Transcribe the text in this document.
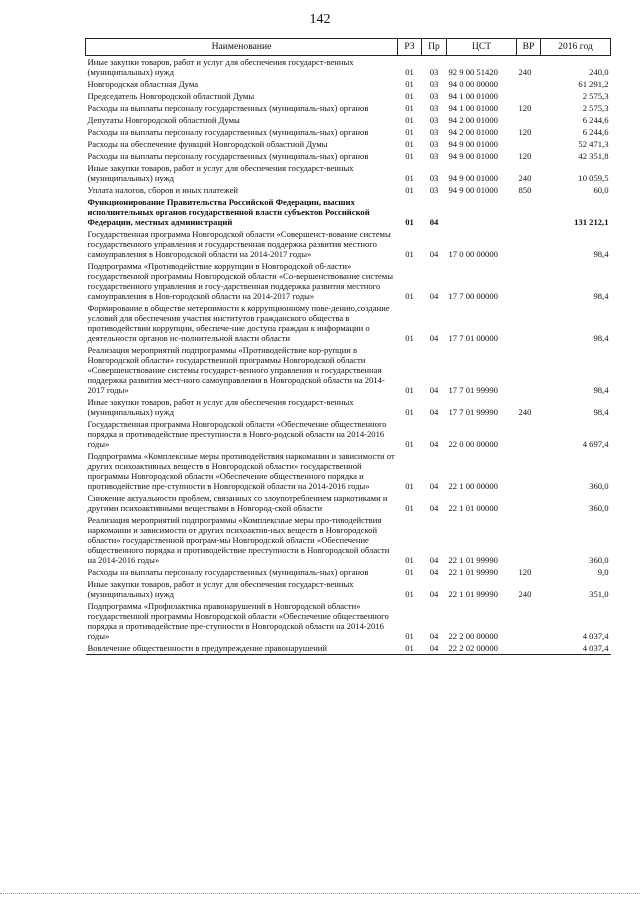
142
Наименование	РЗ	Пр	ЦСТ	ВР	2016 год
Иные закупки товаров, работ и услуг для обеспечения государст-венных (муниципальных) нужд	01	03	92 9 00 51420	240	240,0
Новгородская областная Дума	01	03	94 0 00 00000		61 291,2
Председатель Новгородской областной Думы	01	03	94 1 00 01000		2 575,3
Расходы на выплаты персоналу государственных (муниципаль-ных) органов	01	03	94 1 00 01000	120	2 575,3
Депутаты Новгородской областной Думы	01	03	94 2 00 01000		6 244,6
Расходы на выплаты персоналу государственных (муниципаль-ных) органов	01	03	94 2 00 01000	120	6 244,6
Расходы на обеспечение функций Новгородской областной Думы	01	03	94 9 00 01000		52 471,3
Расходы на выплаты персоналу государственных (муниципаль-ных) органов	01	03	94 9 00 01000	120	42 351,8
Иные закупки товаров, работ и услуг для обеспечения государст-венных (муниципальных) нужд	01	03	94 9 00 01000	240	10 059,5
Уплата налогов, сборов и иных платежей	01	03	94 9 00 01000	850	60,0
Функционирование Правительства Российской Федерации, высших исполнительных органов государственной власти субъектов Российской Федерации, местных администраций	01	04			131 212,1
Государственная программа Новгородской области «Совершенст-вование системы государственного управления и государственная поддержка развития местного самоуправления в Новгородской области на 2014-2017 годы»	01	04	17 0 00 00000		98,4
Подпрограмма «Противодействие коррупции в Новгородской об-ласти» государственной программы Новгородской области «Со-вершенствование системы государственного управления и госу-дарственная поддержка развития местного самоуправления в Нов-городской области на 2014-2017 годы»	01	04	17 7 00 00000		98,4
Формирование в обществе нетерпимости к коррупционному пове-дению,создание условий для обеспечения участия институтов гражданского общества в противодействии коррупции, обеспече-ние доступа граждан к информации о деятельности органов ис-полнительной власти области	01	04	17 7 01 00000		98,4
Реализация мероприятий подпрограммы «Противодействие кор-рупции в Новгородской области» государственной программы Новгородской области «Совершенствование системы государст-венного управления и государственная поддержка развития мест-ного самоуправления в Новгородской области на 2014-2017 годы»	01	04	17 7 01 99990		98,4
Иные закупки товаров, работ и услуг для обеспечения государст-венных (муниципальных) нужд	01	04	17 7 01 99990	240	98,4
Государственная программа Новгородской области «Обеспечение общественного порядка и противодействие преступности в Новго-родской области на 2014-2016 годы»	01	04	22 0 00 00000		4 697,4
Подпрограмма «Комплексные меры противодействия наркомании и зависимости от других психоактивных веществ в Новгородской области» государственной программы Новгородской области «Обеспечение общественного порядка и противодействие пре-ступности в Новгородской области на 2014-2016 годы»	01	04	22 1 00 00000		360,0
Снижение актуальности проблем, связанных со злоупотреблением наркотиками и другими психоактивными веществами в Новгород-ской области	01	04	22 1 01 00000		360,0
Реализация мероприятий подпрограммы «Комплексные меры про-тиводействия наркомании и зависимости от других психоактив-ных веществ в Новгородской области» государственной програм-мы Новгородской области «Обеспечение общественного порядка и противодействие преступности в Новгородской области на 2014-2016 годы»	01	04	22 1 01 99990		360,0
Расходы на выплаты персоналу государственных (муниципаль-ных) органов	01	04	22 1 01 99990	120	9,0
Иные закупки товаров, работ и услуг для обеспечения государст-венных (муниципальных) нужд	01	04	22 1 01 99990	240	351,0
Подпрограмма «Профилактика правонарушений в Новгородской области» государственной программы Новгородской области «Обеспечение общественного порядка и противодействие пре-ступности в Новгородской области на 2014-2016 годы»	01	04	22 2 00 00000		4 037,4
Вовлечение общественности в предупреждение правонарушений	01	04	22 2 02 00000		4 037,4
